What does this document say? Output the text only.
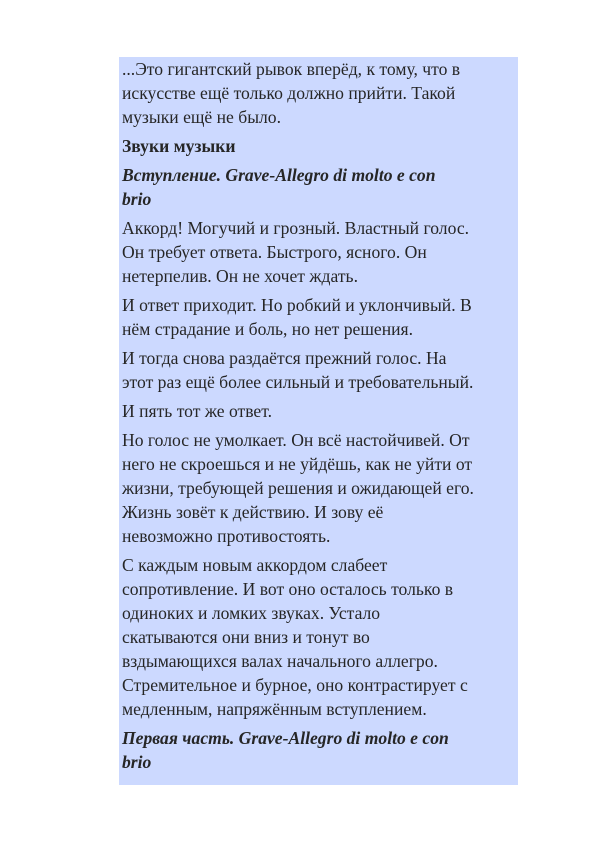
...Это гигантский рывок вперёд, к тому, что в
искусстве ещё только должно прийти. Такой
музыки ещё не было.

Звуки музыки

Вступление. Grave-Allegro di molto e con
brio

Аккорд! Могучий и грозный. Властный голос.
Он требует ответа. Быстрого, ясного. Он
нетерпелив. Он не хочет ждать.

И ответ приходит. Но робкий и уклончивый. В
нём страдание и боль, но нет решения.

И тогда снова раздаётся прежний голос. На
этот раз ещё более сильный и требовательный.

И пять тот же ответ.

Но голос не умолкает. Он всё настойчивей. От
него не скроешься и не уйдёшь, как не уйти от
жизни, требующей решения и ожидающей его.
Жизнь зовёт к действию. И зову её
невозможно противостоять.

С каждым новым аккордом слабеет
сопротивление. И вот оно осталось только в
одиноких и ломких звуках. Устало
скатываются они вниз и тонут во
вздымающихся валах начального аллегро.
Стремительное и бурное, оно контрастирует с
медленным, напряжённым вступлением.

Первая часть. Grave-Allegro di molto e con
brio
